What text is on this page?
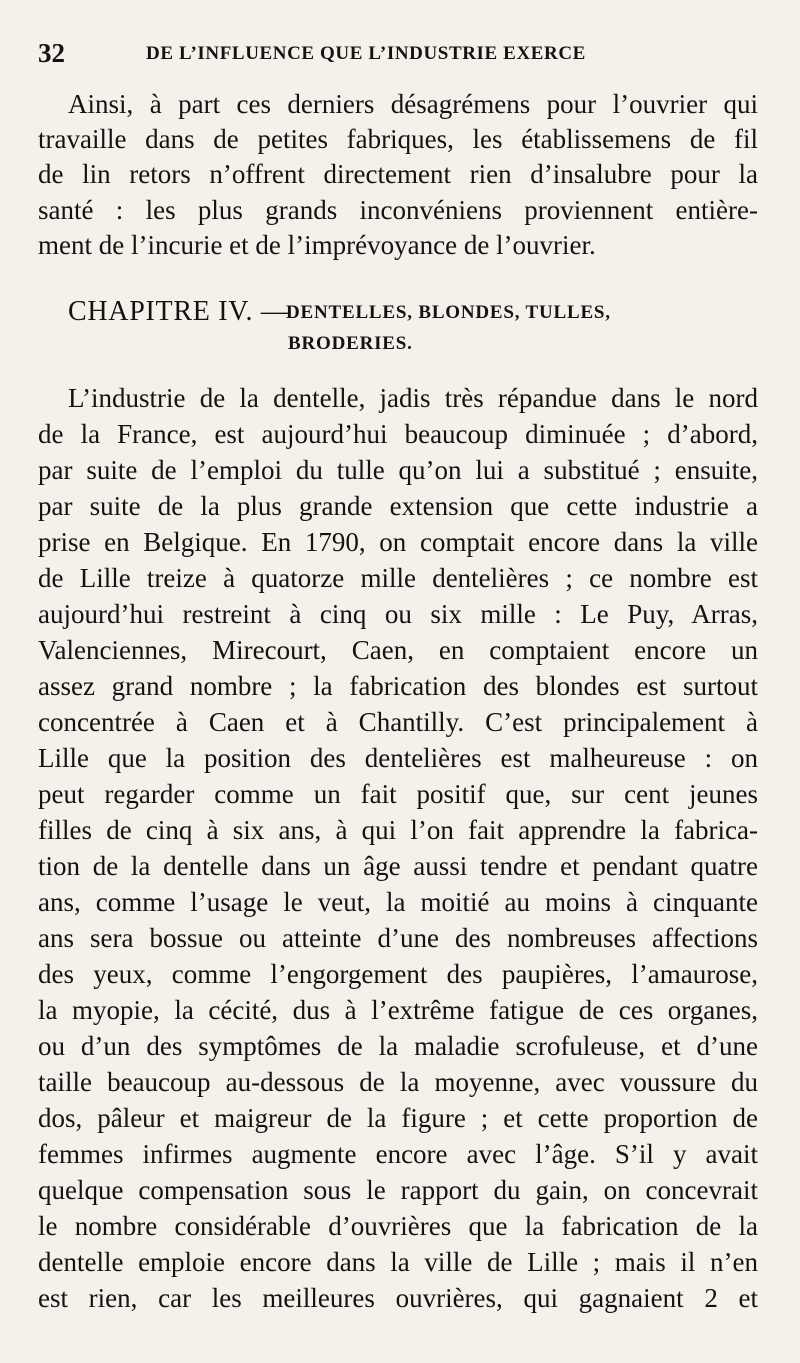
32	DE L’INFLUENCE QUE L’INDUSTRIE EXERCE
Ainsi, à part ces derniers désagrémens pour l’ouvrier qui
travaille dans de petites fabriques, les établissemens de fil
de lin retors n’offrent directement rien d’insalubre pour la
santé : les plus grands inconvéniens proviennent entière-
ment de l’incurie et de l’imprévoyance de l’ouvrier.
CHAPITRE IV. —
DENTELLES, BLONDES, TULLES,
BRODERIES.
L’industrie de la dentelle, jadis très répandue dans le nord
de la France, est aujourd’hui beaucoup diminuée ; d’abord,
par suite de l’emploi du tulle qu’on lui a substitué ; ensuite,
par suite de la plus grande extension que cette industrie a
prise en Belgique. En 1790, on comptait encore dans la ville
de Lille treize à quatorze mille dentelières ; ce nombre est
aujourd’hui restreint à cinq ou six mille : Le Puy, Arras,
Valenciennes, Mirecourt, Caen, en comptaient encore un
assez grand nombre ; la fabrication des blondes est surtout
concentrée à Caen et à Chantilly. C’est principalement à
Lille que la position des dentelières est malheureuse : on
peut regarder comme un fait positif que, sur cent jeunes
filles de cinq à six ans, à qui l’on fait apprendre la fabrica-
tion de la dentelle dans un âge aussi tendre et pendant quatre
ans, comme l’usage le veut, la moitié au moins à cinquante
ans sera bossue ou atteinte d’une des nombreuses affections
des yeux, comme l’engorgement des paupières, l’amaurose,
la myopie, la cécité, dus à l’extrême fatigue de ces organes,
ou d’un des symptômes de la maladie scrofuleuse, et d’une
taille beaucoup au-dessous de la moyenne, avec voussure du
dos, pâleur et maigreur de la figure ; et cette proportion de
femmes infirmes augmente encore avec l’âge. S’il y avait
quelque compensation sous le rapport du gain, on concevrait
le nombre considérable d’ouvrières que la fabrication de la
dentelle emploie encore dans la ville de Lille ; mais il n’en
est rien, car les meilleures ouvrières, qui gagnaient 2 et
